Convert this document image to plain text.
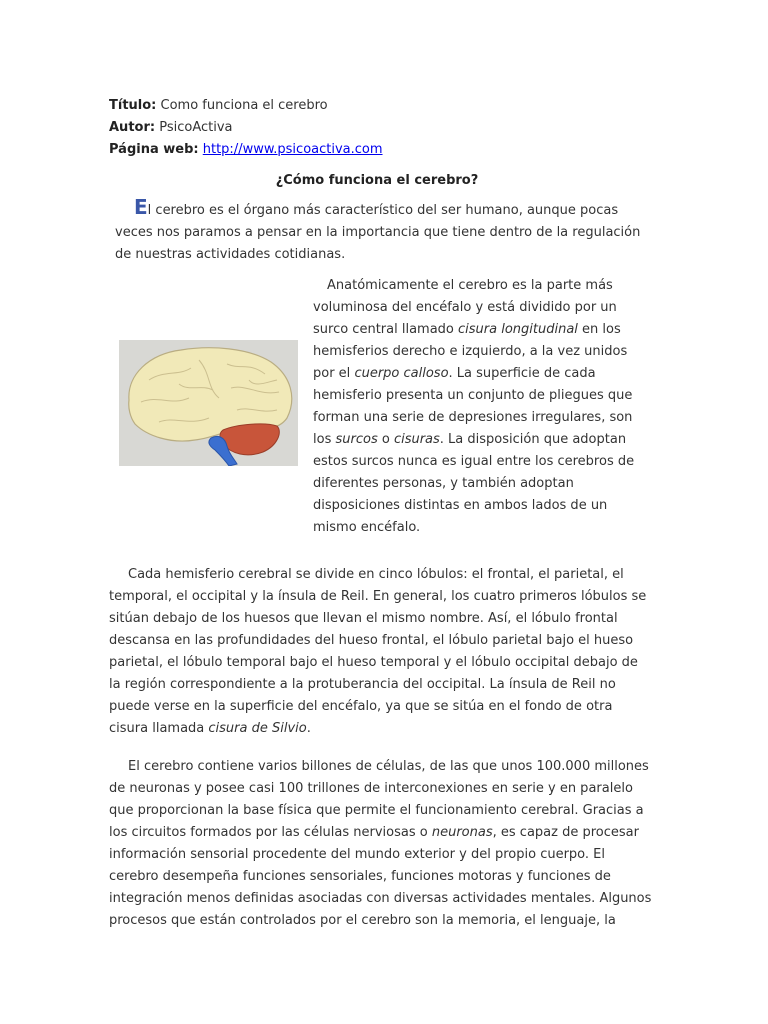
Título: Como funciona el cerebro
Autor: PsicoActiva
Página web: http://www.psicoactiva.com
¿Cómo funciona el cerebro?
El cerebro es el órgano más característico del ser humano, aunque pocas
veces nos paramos a pensar en la importancia que tiene dentro de la regulación
de nuestras actividades cotidianas.
Anatómicamente el cerebro es la parte más
voluminosa del encéfalo y está dividido por un
surco central llamado cisura longitudinal en los
hemisferios derecho e izquierdo, a la vez unidos
por el cuerpo calloso. La superficie de cada
hemisferio presenta un conjunto de pliegues que
forman una serie de depresiones irregulares, son
los surcos o cisuras. La disposición que adoptan
estos surcos nunca es igual entre los cerebros de
diferentes personas, y también adoptan
disposiciones distintas en ambos lados de un
mismo encéfalo.
Cada hemisferio cerebral se divide en cinco lóbulos: el frontal, el parietal, el
temporal, el occipital y la ínsula de Reil. En general, los cuatro primeros lóbulos se
sitúan debajo de los huesos que llevan el mismo nombre. Así, el lóbulo frontal
descansa en las profundidades del hueso frontal, el lóbulo parietal bajo el hueso
parietal, el lóbulo temporal bajo el hueso temporal y el lóbulo occipital debajo de
la región correspondiente a la protuberancia del occipital. La ínsula de Reil no
puede verse en la superficie del encéfalo, ya que se sitúa en el fondo de otra
cisura llamada cisura de Silvio.
El cerebro contiene varios billones de células, de las que unos 100.000 millones
de neuronas y posee casi 100 trillones de interconexiones en serie y en paralelo
que proporcionan la base física que permite el funcionamiento cerebral. Gracias a
los circuitos formados por las células nerviosas o neuronas, es capaz de procesar
información sensorial procedente del mundo exterior y del propio cuerpo. El
cerebro desempeña funciones sensoriales, funciones motoras y funciones de
integración menos definidas asociadas con diversas actividades mentales. Algunos
procesos que están controlados por el cerebro son la memoria, el lenguaje, la
